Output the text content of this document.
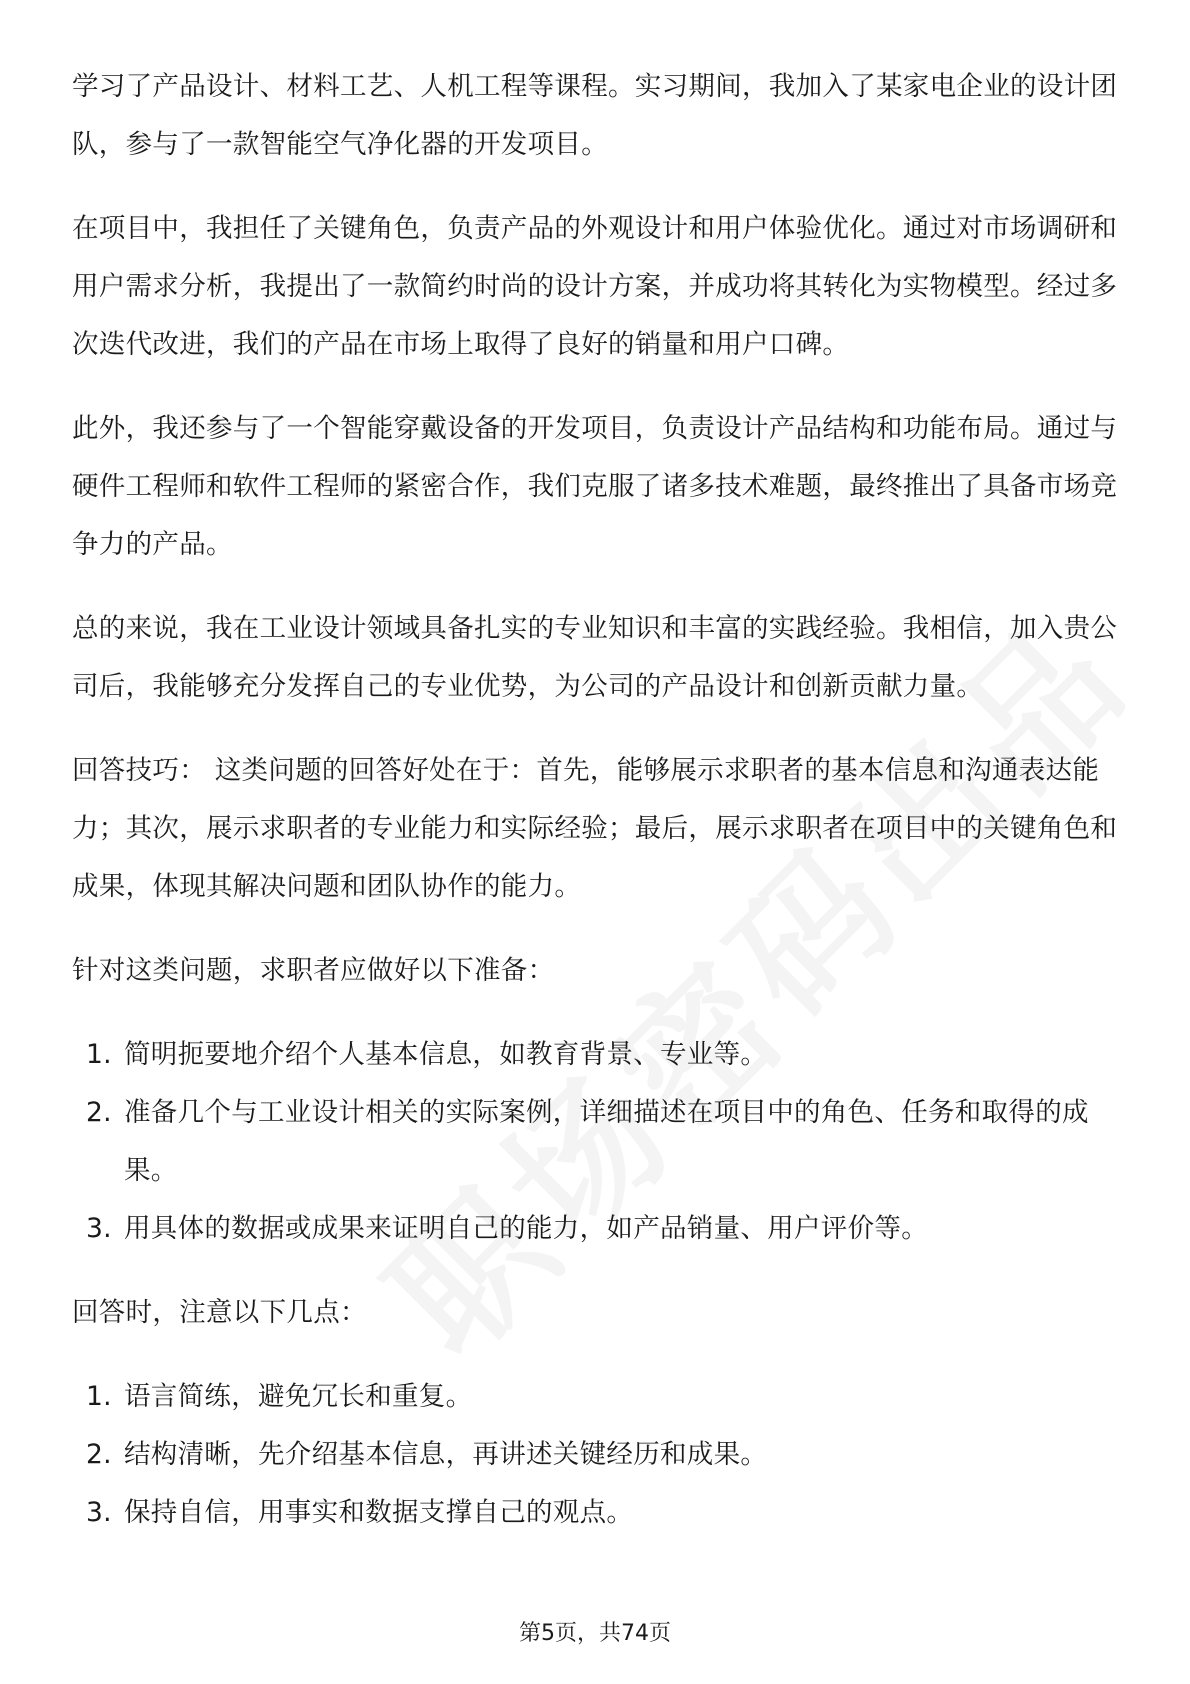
学习了产品设计、材料工艺、人机工程等课程。实习期间，我加入了某家电企业的设计团队，参与了一款智能空气净化器的开发项目。

在项目中，我担任了关键角色，负责产品的外观设计和用户体验优化。通过对市场调研和用户需求分析，我提出了一款简约时尚的设计方案，并成功将其转化为实物模型。经过多次迭代改进，我们的产品在市场上取得了良好的销量和用户口碑。

此外，我还参与了一个智能穿戴设备的开发项目，负责设计产品结构和功能布局。通过与硬件工程师和软件工程师的紧密合作，我们克服了诸多技术难题，最终推出了具备市场竞争力的产品。

总的来说，我在工业设计领域具备扎实的专业知识和丰富的实践经验。我相信，加入贵公司后，我能够充分发挥自己的专业优势，为公司的产品设计和创新贡献力量。

回答技巧： 这类问题的回答好处在于：首先，能够展示求职者的基本信息和沟通表达能力；其次，展示求职者的专业能力和实际经验；最后，展示求职者在项目中的关键角色和成果，体现其解决问题和团队协作的能力。

针对这类问题，求职者应做好以下准备：

1. 简明扼要地介绍个人基本信息，如教育背景、专业等。
2. 准备几个与工业设计相关的实际案例，详细描述在项目中的角色、任务和取得的成果。
3. 用具体的数据或成果来证明自己的能力，如产品销量、用户评价等。

回答时，注意以下几点：

1. 语言简练，避免冗长和重复。
2. 结构清晰，先介绍基本信息，再讲述关键经历和成果。
3. 保持自信，用事实和数据支撑自己的观点。
第5页，共74页
